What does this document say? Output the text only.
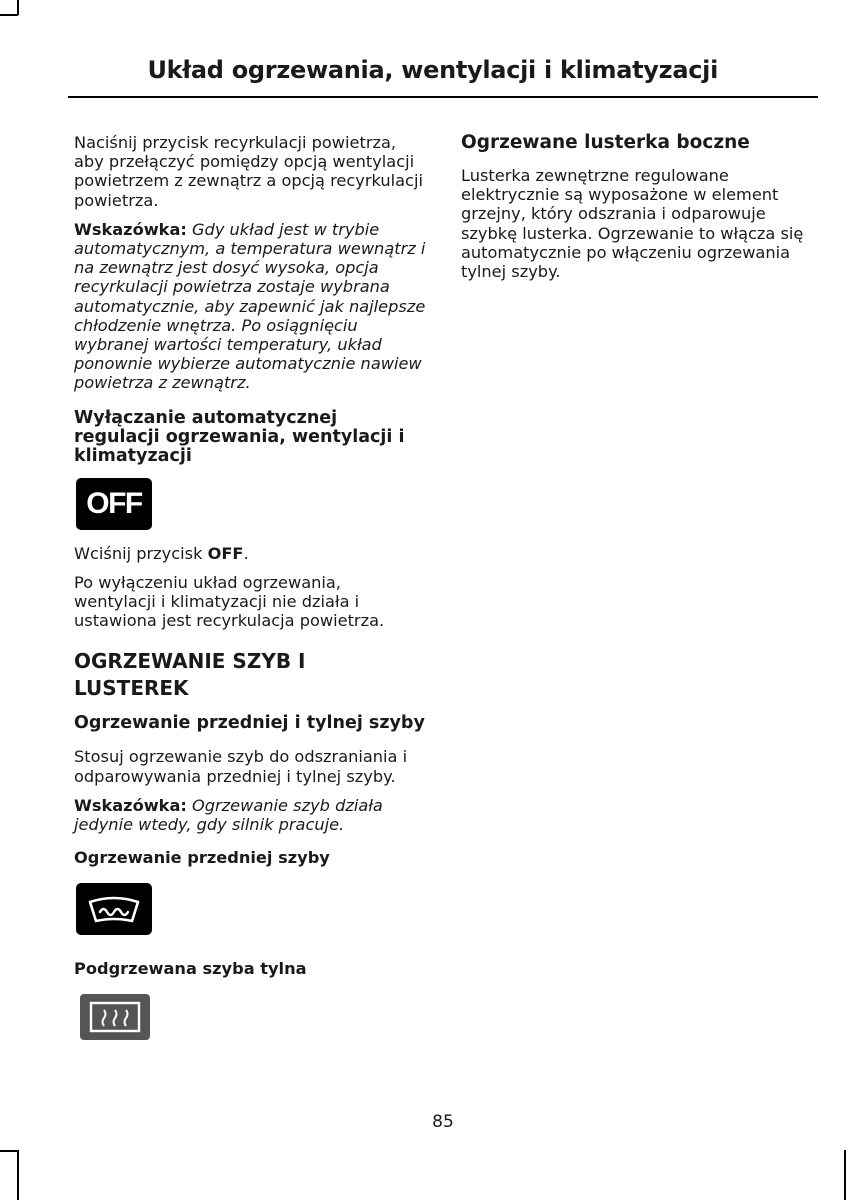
Układ ogrzewania, wentylacji i klimatyzacji

Naciśnij przycisk recyrkulacji powietrza, aby przełączyć pomiędzy opcją wentylacji powietrzem z zewnątrz a opcją recyrkulacji powietrza.

Wskazówka: Gdy układ jest w trybie automatycznym, a temperatura wewnątrz i na zewnątrz jest dosyć wysoka, opcja recyrkulacji powietrza zostaje wybrana automatycznie, aby zapewnić jak najlepsze chłodzenie wnętrza. Po osiągnięciu wybranej wartości temperatury, układ ponownie wybierze automatycznie nawiew powietrza z zewnątrz.

Wyłączanie automatycznej regulacji ogrzewania, wentylacji i klimatyzacji
OFF

Wciśnij przycisk OFF.

Po wyłączeniu układ ogrzewania, wentylacji i klimatyzacji nie działa i ustawiona jest recyrkulacja powietrza.

OGRZEWANIE SZYB I LUSTEREK
Ogrzewanie przedniej i tylnej szyby

Stosuj ogrzewanie szyb do odszraniania i odparowywania przedniej i tylnej szyby.

Wskazówka: Ogrzewanie szyb działa jedynie wtedy, gdy silnik pracuje.

Ogrzewanie przedniej szyby
Podgrzewana szyba tylna
Ogrzewane lusterka boczne

Lusterka zewnętrzne regulowane elektrycznie są wyposażone w element grzejny, który odszrania i odparowuje szybkę lusterka. Ogrzewanie to włącza się automatycznie po włączeniu ogrzewania tylnej szyby.

85
